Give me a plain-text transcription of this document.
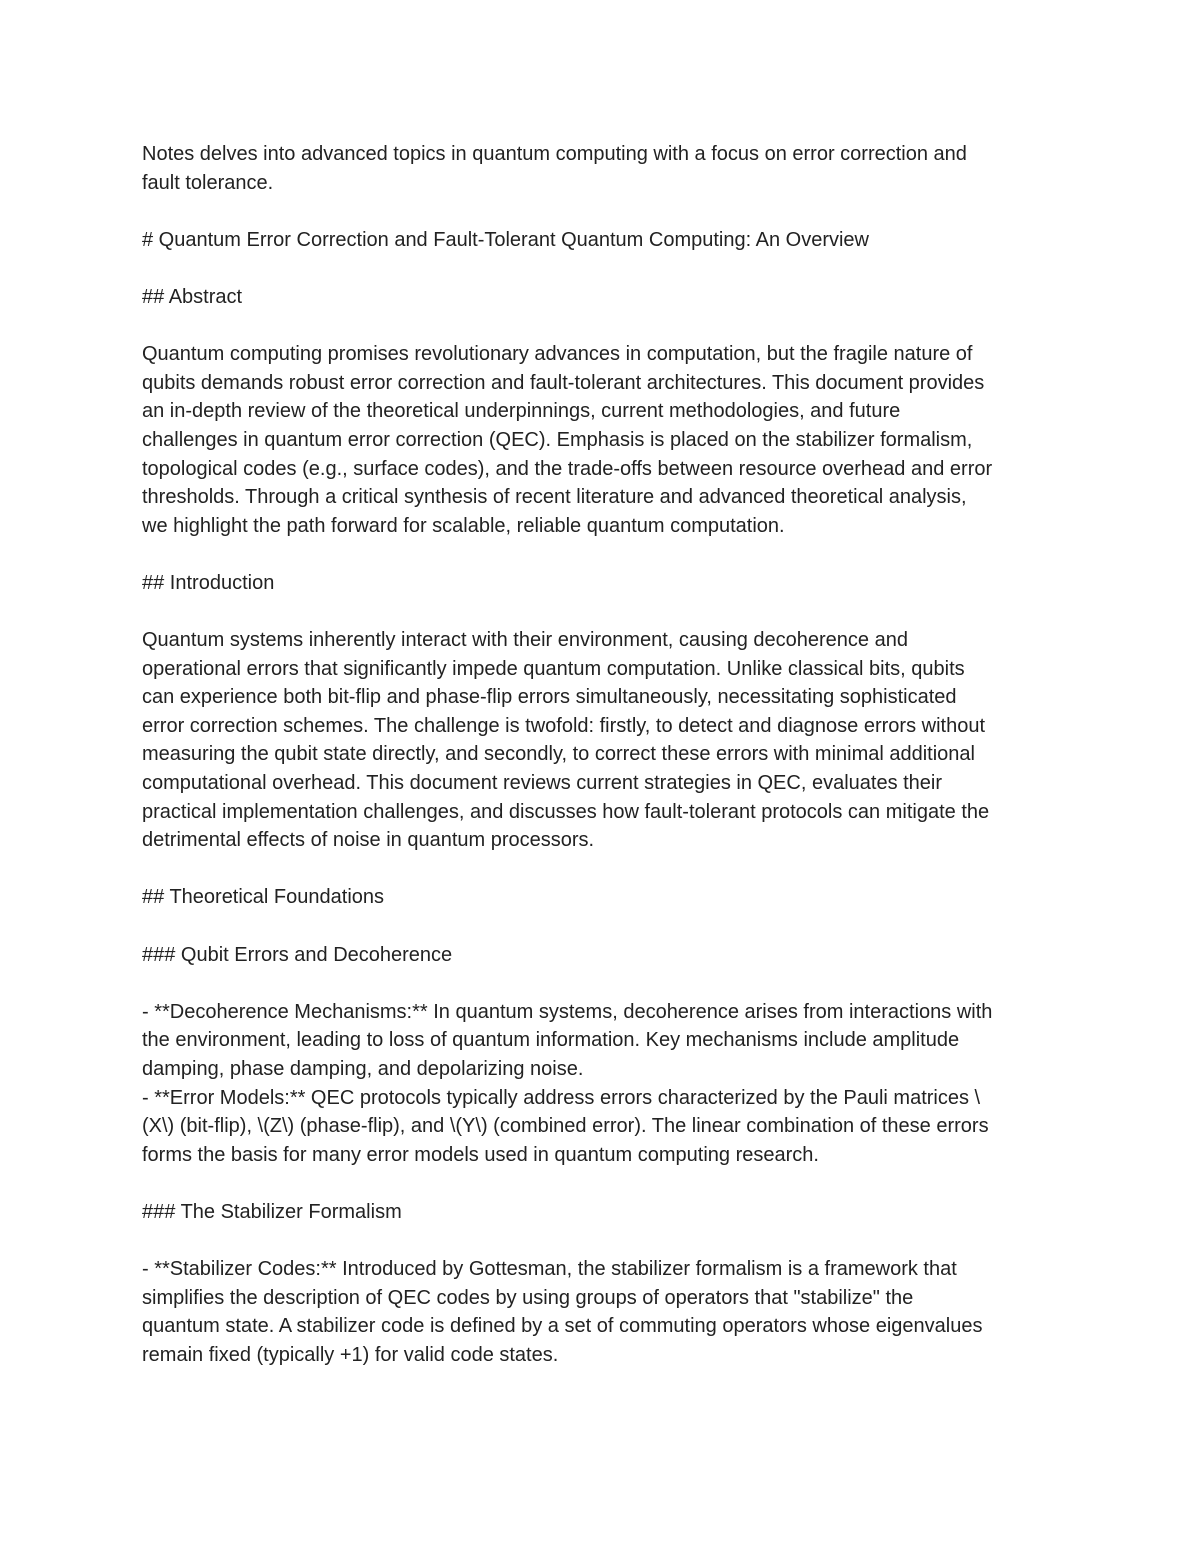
Notes delves into advanced topics in quantum computing with a focus on error correction and
fault tolerance.

# Quantum Error Correction and Fault-Tolerant Quantum Computing: An Overview

## Abstract

Quantum computing promises revolutionary advances in computation, but the fragile nature of
qubits demands robust error correction and fault-tolerant architectures. This document provides
an in-depth review of the theoretical underpinnings, current methodologies, and future
challenges in quantum error correction (QEC). Emphasis is placed on the stabilizer formalism,
topological codes (e.g., surface codes), and the trade-offs between resource overhead and error
thresholds. Through a critical synthesis of recent literature and advanced theoretical analysis,
we highlight the path forward for scalable, reliable quantum computation.

## Introduction

Quantum systems inherently interact with their environment, causing decoherence and
operational errors that significantly impede quantum computation. Unlike classical bits, qubits
can experience both bit-flip and phase-flip errors simultaneously, necessitating sophisticated
error correction schemes. The challenge is twofold: firstly, to detect and diagnose errors without
measuring the qubit state directly, and secondly, to correct these errors with minimal additional
computational overhead. This document reviews current strategies in QEC, evaluates their
practical implementation challenges, and discusses how fault-tolerant protocols can mitigate the
detrimental effects of noise in quantum processors.

## Theoretical Foundations

### Qubit Errors and Decoherence

- **Decoherence Mechanisms:** In quantum systems, decoherence arises from interactions with
the environment, leading to loss of quantum information. Key mechanisms include amplitude
damping, phase damping, and depolarizing noise.
- **Error Models:** QEC protocols typically address errors characterized by the Pauli matrices \
(X\) (bit-flip), \(Z\) (phase-flip), and \(Y\) (combined error). The linear combination of these errors
forms the basis for many error models used in quantum computing research.

### The Stabilizer Formalism

- **Stabilizer Codes:** Introduced by Gottesman, the stabilizer formalism is a framework that
simplifies the description of QEC codes by using groups of operators that "stabilize" the
quantum state. A stabilizer code is defined by a set of commuting operators whose eigenvalues
remain fixed (typically +1) for valid code states.
